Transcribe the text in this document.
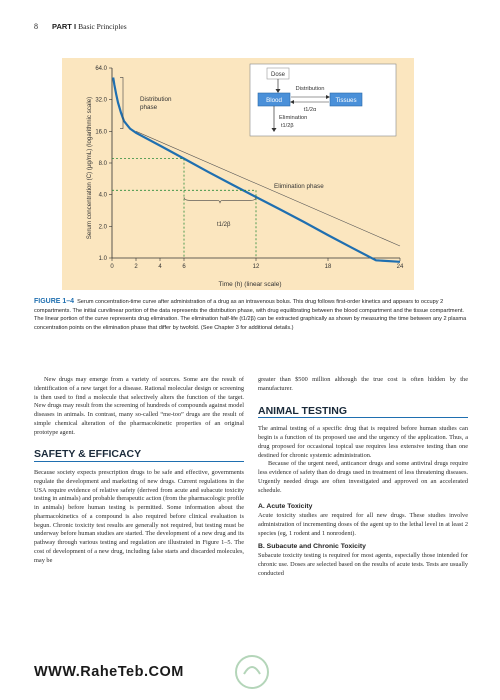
8 PART I Basic Principles
64.0
32.0
16.0
8.0
4.0
2.0
1.0
0	2	4	6	12	18	24
Time (h) (linear scale)
Serum concentration (C) (μg/mL) (logarithmic scale)	Distribution
phase
Elimination phase
t1/2β
Dose
Blood	Tissues
Distribution
t1/2α
Elimination
t1/2β
FIGURE 1–4 Serum concentration-time curve after administration of a drug as an intravenous bolus. This drug follows first-order kinetics and appears to occupy 2 compartments. The initial curvilinear portion of the data represents the distribution phase, with drug equilibrating between the blood compartment and the tissue compartment. The linear portion of the curve represents drug elimination. The elimination half-life (t1/2β) can be extracted graphically as shown by measuring the time between any 2 plasma concentration points on the elimination phase that differ by twofold. (See Chapter 3 for additional details.)

New drugs may emerge from a variety of sources. Some are the result of identification of a new target for a disease. Rational molecular design or screening is then used to find a molecule that selectively alters the function of the target. New drugs may result from the screening of hundreds of compounds against model diseases in animals. In contrast, many so-called “me-too” drugs are the result of simple chemical alteration of the pharmacokinetic properties of an original prototype agent.

SAFETY & EFFICACY

Because society expects prescription drugs to be safe and effective, governments regulate the development and marketing of new drugs. Current regulations in the USA require evidence of relative safety (derived from acute and subacute toxicity testing in animals) and probable therapeutic action (from the pharmacologic profile in animals) before human testing is permitted. Some information about the pharmacokinetics of a compound is also required before clinical evaluation is begun. Chronic toxicity test results are generally not required, but testing must be underway before human studies are started. The development of a new drug and its pathway through various testing and regulation are illustrated in Figure 1–5. The cost of development of a new drug, including false starts and discarded molecules, may be

greater than $500 million although the true cost is often hidden by the manufacturer.

ANIMAL TESTING

The animal testing of a specific drug that is required before human studies can begin is a function of its proposed use and the urgency of the application. Thus, a drug proposed for occasional topical use requires less extensive testing than one destined for chronic systemic administration.

Because of the urgent need, anticancer drugs and some antiviral drugs require less evidence of safety than do drugs used in treatment of less threatening diseases. Urgently needed drugs are often investigated and approved on an accelerated schedule.

A. Acute Toxicity

Acute toxicity studies are required for all new drugs. These studies involve administration of incrementing doses of the agent up to the lethal level in at least 2 species (eg, 1 rodent and 1 nonrodent).

B. Subacute and Chronic Toxicity

Subacute toxicity testing is required for most agents, especially those intended for chronic use. Doses are selected based on the results of acute tests. Tests are usually conducted

WWW.RaheTeb.COM
